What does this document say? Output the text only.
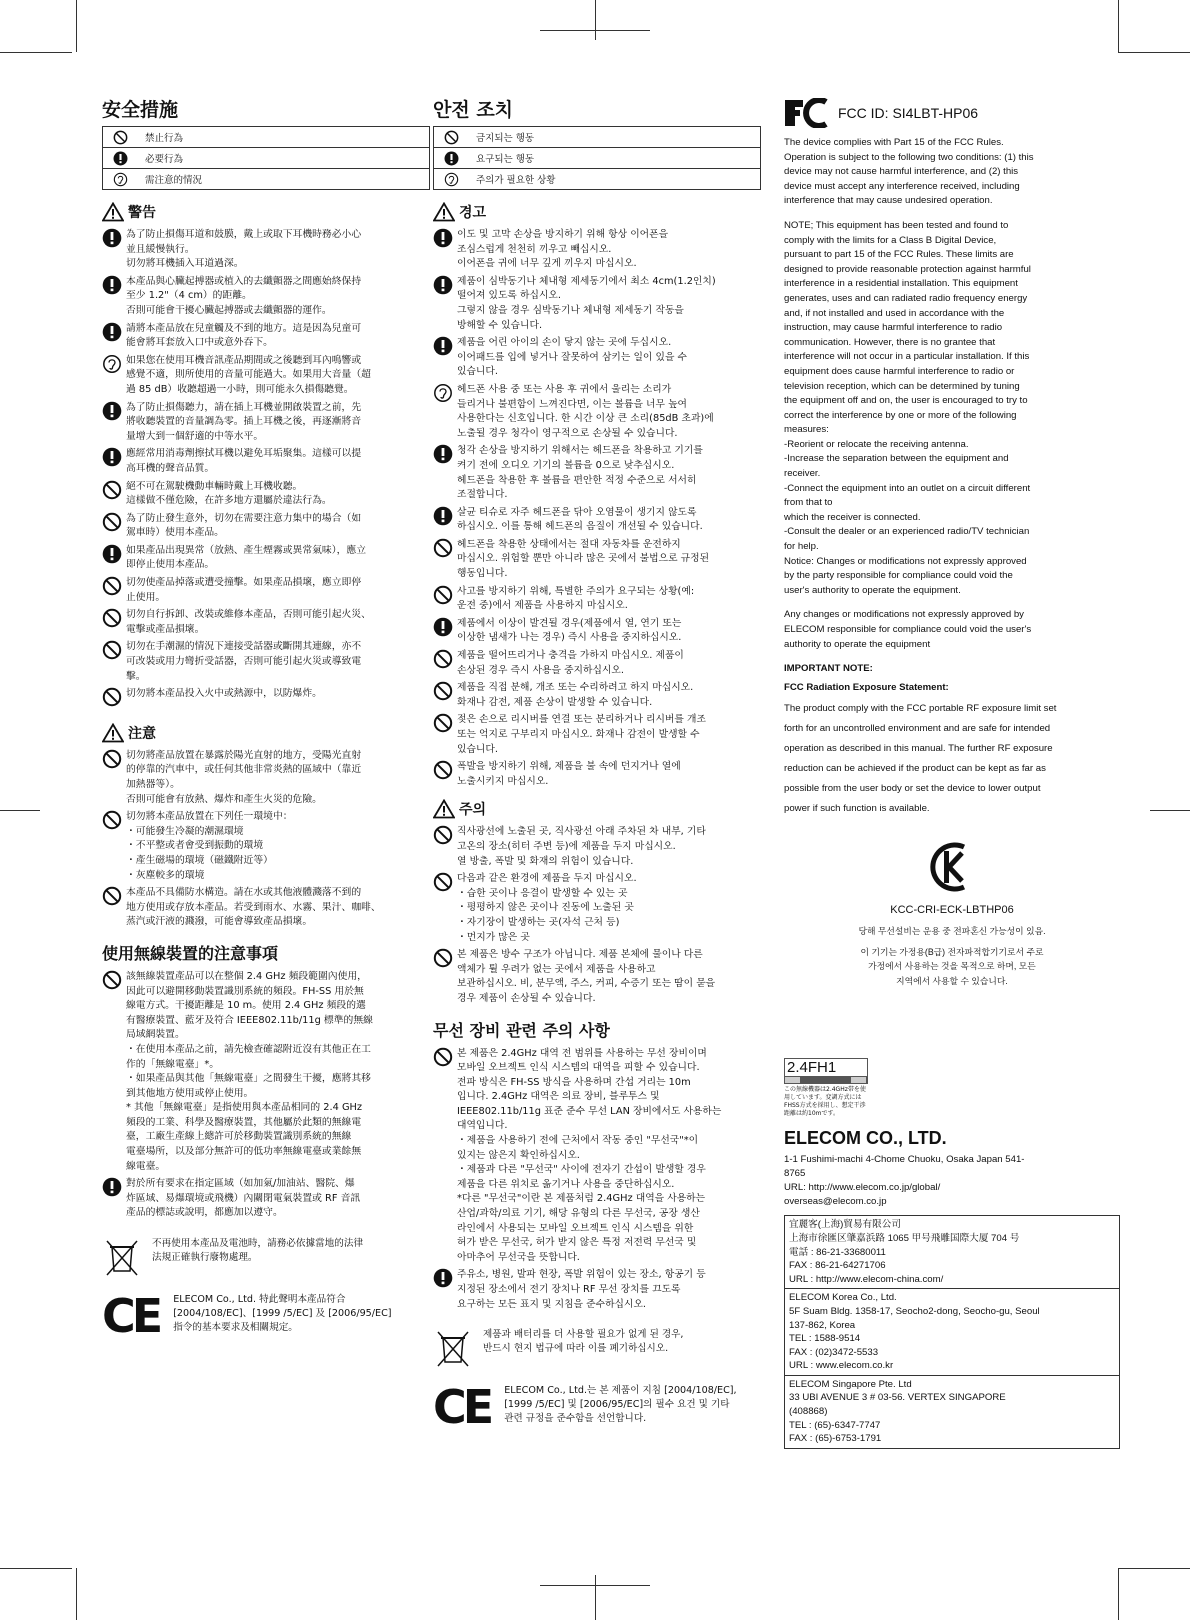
安全措施
禁止行為
必要行為
需注意的情況
警告
為了防止損傷耳道和鼓膜，戴上或取下耳機時務必小心
並且緩慢執行。
切勿將耳機插入耳道過深。
本產品與心臟起搏器或植入的去纖顫器之間應始終保持
至少 1.2"（4 cm）的距離。
否則可能會干擾心臟起搏器或去纖顫器的運作。
請將本產品放在兒童觸及不到的地方。這是因為兒童可
能會將耳套放入口中或意外吞下。
如果您在使用耳機音訊產品期間或之後聽到耳內鳴響或
感覺不適，則所使用的音量可能過大。如果用大音量（超
過 85 dB）收聽超過一小時，則可能永久損傷聽覺。
為了防止損傷聽力，請在插上耳機並開啟裝置之前，先
將收聽裝置的音量調為零。插上耳機之後，再逐漸將音
量增大到一個舒適的中等水平。
應經常用消毒劑擦拭耳機以避免耳垢聚集。這樣可以提
高耳機的聲音品質。
絕不可在駕駛機動車輛時戴上耳機收聽。
這樣做不僅危險，在許多地方還屬於違法行為。
為了防止發生意外，切勿在需要注意力集中的場合（如
駕車時）使用本產品。
如果產品出現異常（放熱、產生煙霧或異常氣味），應立
即停止使用本產品。
切勿使產品掉落或遭受撞擊。如果產品損壞，應立即停
止使用。
切勿自行拆卸、改裝或維修本產品，否則可能引起火災、
電擊或產品損壞。
切勿在手潮濕的情況下連接受話器或斷開其連線，亦不
可改裝或用力彎折受話器，否則可能引起火災或導致電
擊。
切勿將本產品投入火中或熱源中，以防爆炸。
注意
切勿將產品放置在暴露於陽光直射的地方，受陽光直射
的停靠的汽車中，或任何其他非常炎熱的區域中（靠近
加熱器等）。
否則可能會有放熱、爆炸和產生火災的危險。
切勿將本產品放置在下列任一環境中：
・可能發生冷凝的潮濕環境
・不平整或者會受到振動的環境
・產生磁場的環境（磁鐵附近等）
・灰塵較多的環境
本產品不具備防水構造。請在水或其他液體濺落不到的
地方使用或存放本產品。若受到雨水、水霧、果汁、咖啡、
蒸汽或汗液的濺潑，可能會導致產品損壞。
使用無線裝置的注意事項
該無線裝置產品可以在整個 2.4 GHz 頻段範圍內使用，
因此可以避開移動裝置識別系統的頻段。FH-SS 用於無
線電方式。干擾距離是 10 m。使用 2.4 GHz 頻段的選
有醫療裝置、藍牙及符合 IEEE802.11b/11g 標準的無線
局域網裝置。
・在使用本產品之前，請先檢查確認附近沒有其他正在工
作的「無線電臺」*。
・如果產品與其他「無線電臺」之間發生干擾，應將其移
到其他地方使用或停止使用。
* 其他「無線電臺」是指使用與本產品相同的 2.4 GHz
頻段的工業、科學及醫療裝置，其他屬於此類的無線電
臺，工廠生產線上總許可於移動裝置識別系統的無線
電臺場所，以及部分無許可的低功率無線電臺或業餘無
線電臺。
對於所有要求在指定區域（如加氣/加油站、醫院、爆
炸區域、易爆環境或飛機）內關閉電氣裝置或 RF 音訊
產品的標誌或說明，都應加以遵守。
不再使用本產品及電池時，請務必依據當地的法律
法規正確執行廢物處理。
CE ELECOM Co., Ltd. 特此聲明本產品符合
[2004/108/EC]、[1999 /5/EC] 及 [2006/95/EC]
指令的基本要求及相關規定。
안전 조치
금지되는 행동
요구되는 행동
주의가 필요한 상황
경고
이도 및 고막 손상을 방지하기 위해 항상 이어폰을
조심스럽게 천천히 끼우고 빼십시오.
이어폰을 귀에 너무 깊게 끼우지 마십시오.
제품이 심박동기나 체내형 제세동기에서 최소 4cm(1.2인치)
떨어져 있도록 하십시오.
그렇지 않을 경우 심박동기나 체내형 제세동기 작동을
방해할 수 있습니다.
제품을 어린 아이의 손이 닿지 않는 곳에 두십시오.
이어패드를 입에 넣거나 잘못하여 삼키는 일이 있을 수
있습니다.
헤드폰 사용 중 또는 사용 후 귀에서 울리는 소리가
들리거나 불편함이 느껴진다면, 이는 볼륨을 너무 높여
사용한다는 신호입니다. 한 시간 이상 큰 소리(85dB 초과)에
노출될 경우 청각이 영구적으로 손상될 수 있습니다.
청각 손상을 방지하기 위해서는 헤드폰을 착용하고 기기를
켜기 전에 오디오 기기의 볼륨을 0으로 낮추십시오.
헤드폰을 착용한 후 볼륨을 편안한 적정 수준으로 서서히
조절합니다.
살균 티슈로 자주 헤드폰을 닦아 오염물이 생기지 않도록
하십시오. 이를 통해 헤드폰의 음질이 개선될 수 있습니다.
헤드폰을 착용한 상태에서는 절대 자동차를 운전하지
마십시오. 위험할 뿐만 아니라 많은 곳에서 불법으로 규정된
행동입니다.
사고를 방지하기 위해, 특별한 주의가 요구되는 상황(예:
운전 중)에서 제품을 사용하지 마십시오.
제품에서 이상이 발견될 경우(제품에서 열, 연기 또는
이상한 냄새가 나는 경우) 즉시 사용을 중지하십시오.
제품을 떨어뜨리거나 충격을 가하지 마십시오. 제품이
손상된 경우 즉시 사용을 중지하십시오.
제품을 직접 분해, 개조 또는 수리하려고 하지 마십시오.
화재나 감전, 제품 손상이 발생할 수 있습니다.
젖은 손으로 리시버를 연결 또는 분리하거나 리시버를 개조
또는 억지로 구부리지 마십시오. 화재나 감전이 발생할 수
있습니다.
폭발을 방지하기 위해, 제품을 불 속에 던지거나 열에
노출시키지 마십시오.
주의
직사광선에 노출된 곳, 직사광선 아래 주차된 차 내부, 기타
고온의 장소(히터 주변 등)에 제품을 두지 마십시오.
열 방출, 폭발 및 화재의 위험이 있습니다.
다음과 같은 환경에 제품을 두지 마십시오.
・습한 곳이나 응결이 발생할 수 있는 곳
・평평하지 않은 곳이나 진동에 노출된 곳
・자기장이 발생하는 곳(자석 근처 등)
・먼지가 많은 곳
본 제품은 방수 구조가 아닙니다. 제품 본체에 물이나 다른
액체가 튈 우려가 없는 곳에서 제품을 사용하고
보관하십시오. 비, 분무액, 주스, 커피, 수증기 또는 땀이 묻을
경우 제품이 손상될 수 있습니다.
무선 장비 관련 주의 사항
본 제품은 2.4GHz 대역 전 범위를 사용하는 무선 장비이며
모바일 오브젝트 인식 시스템의 대역을 피할 수 있습니다.
전파 방식은 FH-SS 방식을 사용하며 간섭 거리는 10m
입니다. 2.4GHz 대역은 의료 장비, 블루투스 및
IEEE802.11b/11g 표준 준수 무선 LAN 장비에서도 사용하는
대역입니다.
・제품을 사용하기 전에 근처에서 작동 중인 "무선국"*이
있지는 않은지 확인하십시오.
・제품과 다른 "무선국" 사이에 전자기 간섭이 발생할 경우
제품을 다른 위치로 옮기거나 사용을 중단하십시오.
*다른 "무선국"이란 본 제품처럼 2.4GHz 대역을 사용하는
산업/과학/의료 기기, 해당 유형의 다른 무선국, 공장 생산
라인에서 사용되는 모바일 오브젝트 인식 시스템을 위한
허가 받은 무선국, 허가 받지 않은 특정 저전력 무선국 및
아마추어 무선국을 뜻합니다.
주유소, 병원, 발파 현장, 폭발 위험이 있는 장소, 항공기 등
지정된 장소에서 전기 장치나 RF 무선 장치를 끄도록
요구하는 모든 표지 및 지침을 준수하십시오.
제품과 배터리를 더 사용할 필요가 없게 된 경우,
반드시 현지 법규에 따라 이를 폐기하십시오.
CE ELECOM Co., Ltd.는 본 제품이 지침 [2004/108/EC],
[1999 /5/EC] 및 [2006/95/EC]의 필수 요건 및 기타
관련 규정을 준수함을 선언합니다.
FCC ID: SI4LBT-HP06

The device complies with Part 15 of the FCC Rules.
Operation is subject to the following two conditions: (1) this
device may not cause harmful interference, and (2) this
device must accept any interference received, including
interference that may cause undesired operation.

NOTE; This equipment has been tested and found to
comply with the limits for a Class B Digital Device,
pursuant to part 15 of the FCC Rules. These limits are
designed to provide reasonable protection against harmful
interference in a residential installation. This equipment
generates, uses and can radiated radio frequency energy
and, if not installed and used in accordance with the
instruction, may cause harmful interference to radio
communication. However, there is no grantee that
interference will not occur in a particular installation. If this
equipment does cause harmful interference to radio or
television reception, which can be determined by tuning
the equipment off and on, the user is encouraged to try to
correct the interference by one or more of the following
measures:
-Reorient or relocate the receiving antenna.
-Increase the separation between the equipment and
receiver.
-Connect the equipment into an outlet on a circuit different
from that to
which the receiver is connected.
-Consult the dealer or an experienced radio/TV technician
for help.
Notice: Changes or modifications not expressly approved
by the party responsible for compliance could void the
user's authority to operate the equipment.

Any changes or modifications not expressly approved by
ELECOM responsible for compliance could void the user's
authority to operate the equipment

IMPORTANT NOTE:

FCC Radiation Exposure Statement:

The product comply with the FCC portable RF exposure limit set
forth for an uncontrolled environment and are safe for intended
operation as described in this manual. The further RF exposure
reduction can be achieved if the product can be kept as far as
possible from the user body or set the device to lower output
power if such function is available.

KCC-CRI-ECK-LBTHP06

당해 무선설비는 운용 중 전파혼신 가능성이 있음.

이 기기는 가정용(B급) 전자파적합기기로서 주로
가정에서 사용하는 것을 목적으로 하며, 모든
지역에서 사용할 수 있습니다.

2.4FH1
この無線機器は2.4GHz帯を使用しています。変調方式にはFHSS方式を採用し、想定干渉距離は約10mです。
ELECOM CO., LTD.
1-1 Fushimi-machi 4-Chome Chuoku, Osaka Japan 541-
8765
URL: http://www.elecom.co.jp/global/
overseas@elecom.co.jp
宜麗客(上海)貿易有限公司
上海市徐匯区肇嘉浜路 1065 甲号飛雕国際大厦 704 号
電話 : 86-21-33680011
FAX : 86-21-64271706
URL : http://www.elecom-china.com/
ELECOM Korea Co., Ltd.
5F Suam Bldg. 1358-17, Seocho2-dong, Seocho-gu, Seoul
137-862, Korea
TEL : 1588-9514
FAX : (02)3472-5533
URL : www.elecom.co.kr
ELECOM Singapore Pte. Ltd
33 UBI AVENUE 3 # 03-56. VERTEX SINGAPORE
(408868)
TEL : (65)-6347-7747
FAX : (65)-6753-1791
